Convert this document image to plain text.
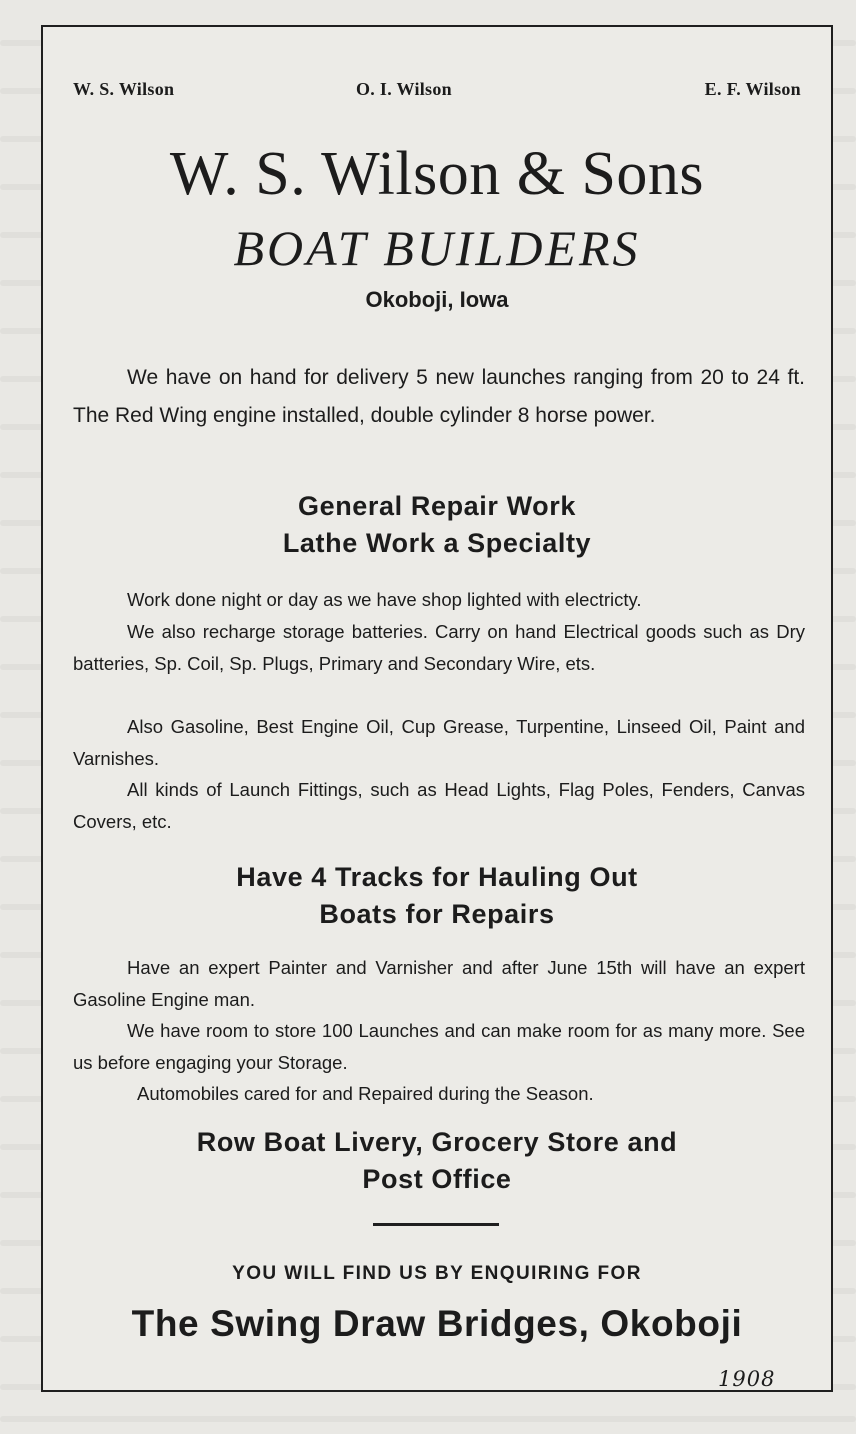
W. S. Wilson	O. I. Wilson	E. F. Wilson
W. S. Wilson & Sons
BOAT BUILDERS
Okoboji, Iowa
We have on hand for delivery 5 new launches ranging from 20 to 24 ft. The Red Wing engine installed, double cylinder 8 horse power.
General Repair Work
Lathe Work a Specialty
Work done night or day as we have shop lighted with electricty.
We also recharge storage batteries. Carry on hand Electrical goods such as Dry batteries, Sp. Coil, Sp. Plugs, Primary and Secondary Wire, ets.
Also Gasoline, Best Engine Oil, Cup Grease, Turpentine, Linseed Oil, Paint and Varnishes.
All kinds of Launch Fittings, such as Head Lights, Flag Poles, Fenders, Canvas Covers, etc.
Have 4 Tracks for Hauling Out
Boats for Repairs
Have an expert Painter and Varnisher and after June 15th will have an expert Gasoline Engine man.
We have room to store 100 Launches and can make room for as many more. See us before engaging your Storage.
Automobiles cared for and Repaired during the Season.
Row Boat Livery, Grocery Store and
Post Office
YOU WILL FIND US BY ENQUIRING FOR
The Swing Draw Bridges, Okoboji
1908
